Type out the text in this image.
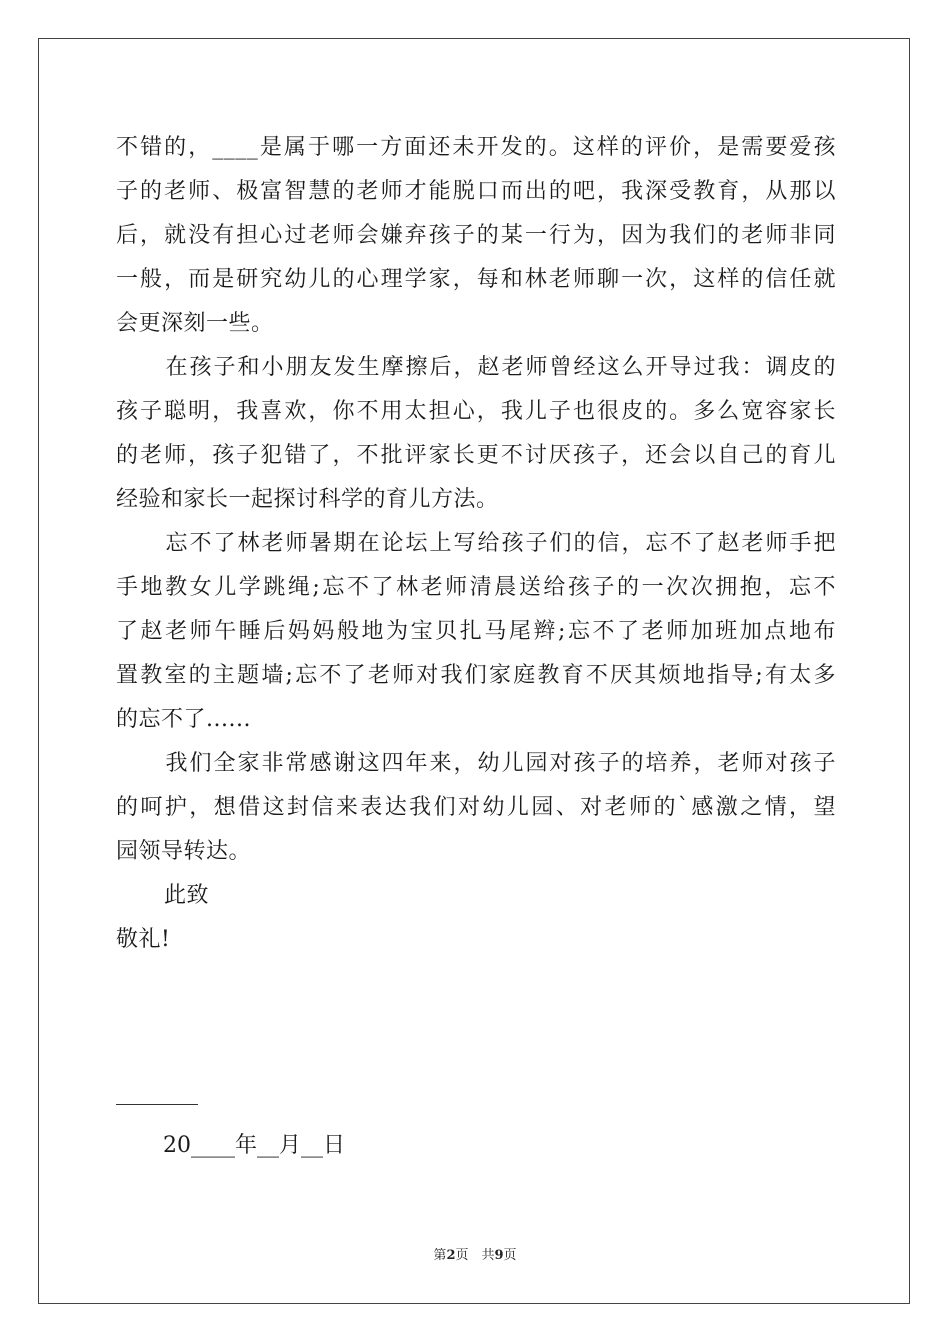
不错的，____是属于哪一方面还未开发的。这样的评价，是需要爱孩
子的老师、极富智慧的老师才能脱口而出的吧，我深受教育，从那以
后，就没有担心过老师会嫌弃孩子的某一行为，因为我们的老师非同
一般，而是研究幼儿的心理学家，每和林老师聊一次，这样的信任就
会更深刻一些。
在孩子和小朋友发生摩擦后，赵老师曾经这么开导过我：调皮的
孩子聪明，我喜欢，你不用太担心，我儿子也很皮的。多么宽容家长
的老师，孩子犯错了，不批评家长更不讨厌孩子，还会以自己的育儿
经验和家长一起探讨科学的育儿方法。
忘不了林老师暑期在论坛上写给孩子们的信，忘不了赵老师手把
手地教女儿学跳绳;忘不了林老师清晨送给孩子的一次次拥抱，忘不
了赵老师午睡后妈妈般地为宝贝扎马尾辫;忘不了老师加班加点地布
置教室的主题墙;忘不了老师对我们家庭教育不厌其烦地指导;有太多
的忘不了......
我们全家非常感谢这四年来，幼儿园对孩子的培养，老师对孩子
的呵护，想借这封信来表达我们对幼儿园、对老师的`感激之情，望
园领导转达。
此致
敬礼!
20____年__月__日
第2页　共9页
